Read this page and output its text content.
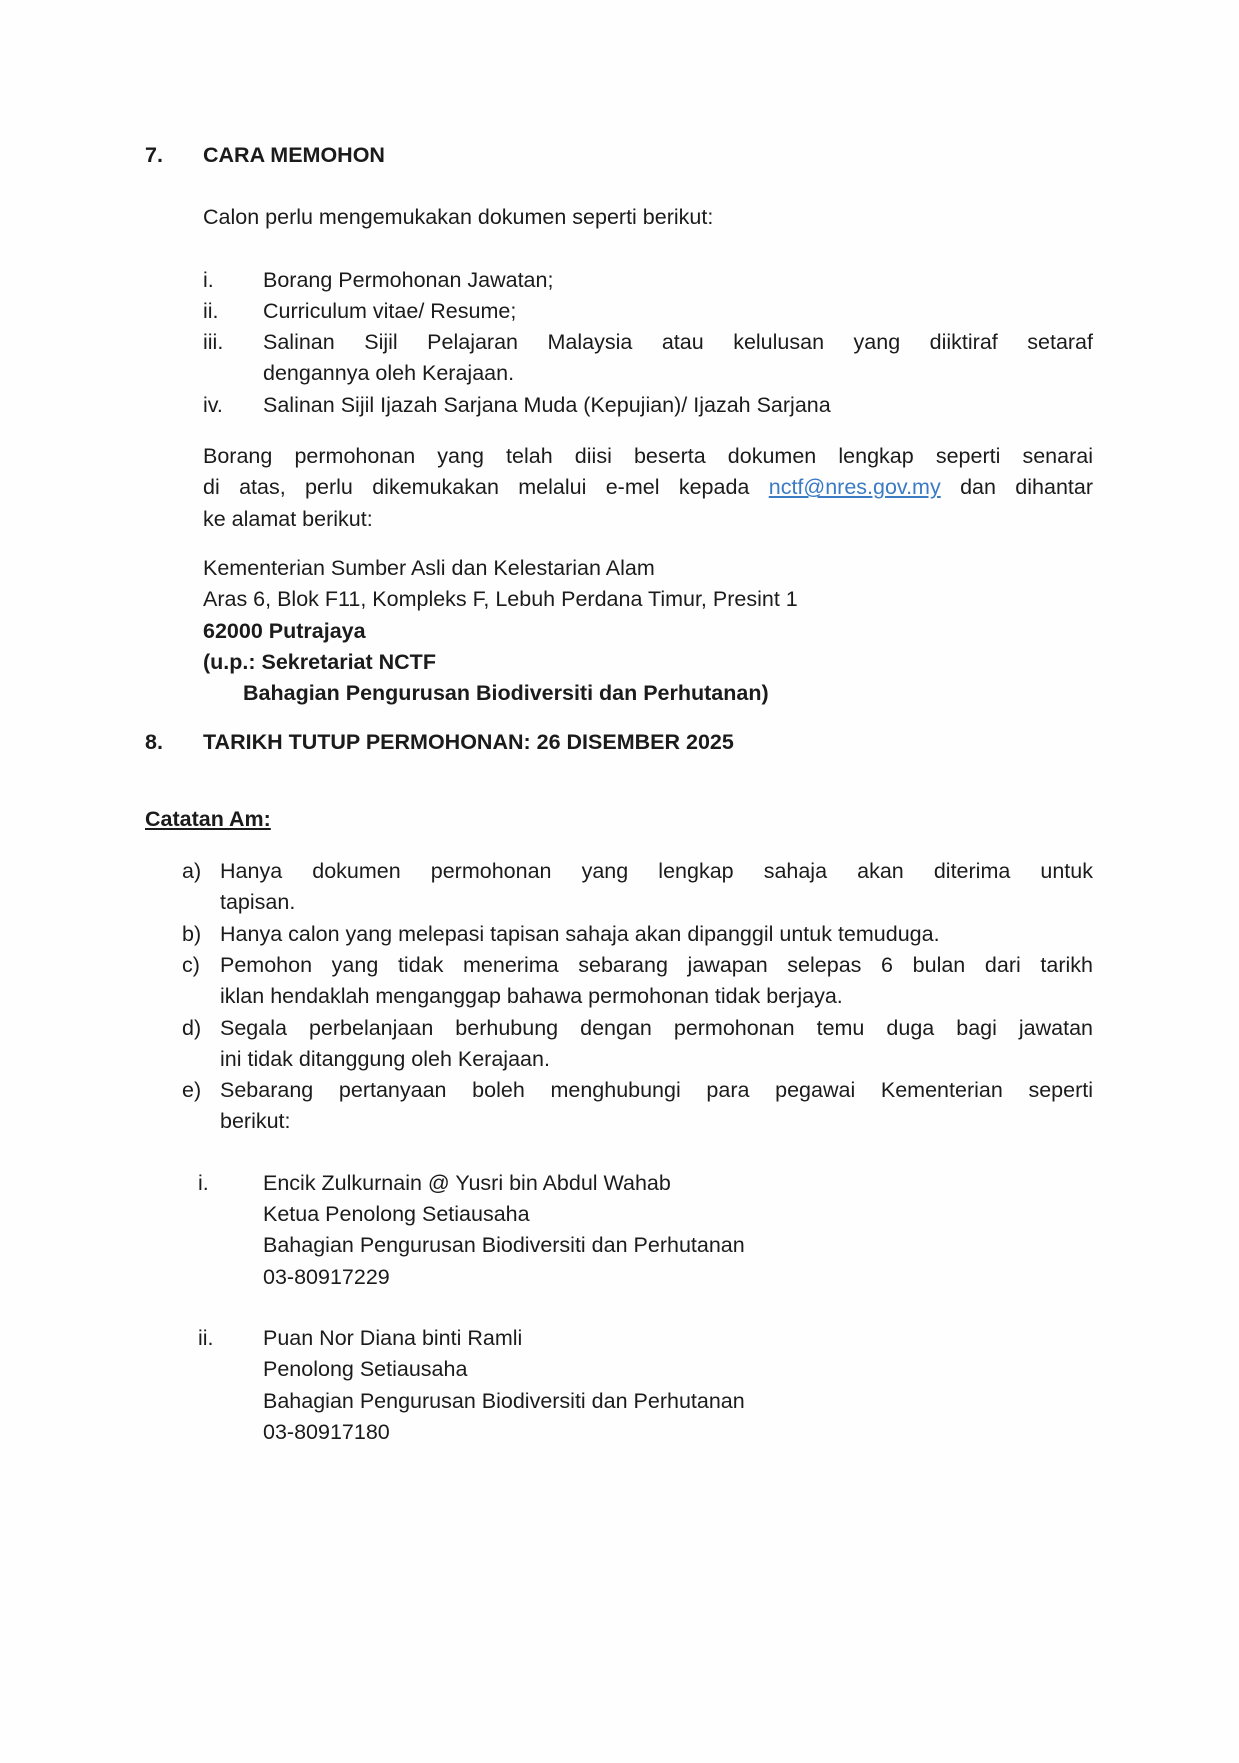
7.	CARA MEMOHON
Calon perlu mengemukakan dokumen seperti berikut:
i.	Borang Permohonan Jawatan;
ii.	Curriculum vitae/ Resume;
iii.	Salinan Sijil Pelajaran Malaysia atau kelulusan yang diiktiraf setaraf
dengannya oleh Kerajaan.
iv.	Salinan Sijil Ijazah Sarjana Muda (Kepujian)/ Ijazah Sarjana
Borang permohonan yang telah diisi beserta dokumen lengkap seperti senarai
di atas, perlu dikemukakan melalui e-mel kepada nctf@nres.gov.my dan dihantar
ke alamat berikut:
Kementerian Sumber Asli dan Kelestarian Alam
Aras 6, Blok F11, Kompleks F, Lebuh Perdana Timur, Presint 1
62000 Putrajaya
(u.p.: Sekretariat NCTF
Bahagian Pengurusan Biodiversiti dan Perhutanan)
8.	TARIKH TUTUP PERMOHONAN: 26 DISEMBER 2025
Catatan Am:
a) Hanya dokumen permohonan yang lengkap sahaja akan diterima untuk
tapisan.
b) Hanya calon yang melepasi tapisan sahaja akan dipanggil untuk temuduga.
c) Pemohon yang tidak menerima sebarang jawapan selepas 6 bulan dari tarikh
iklan hendaklah menganggap bahawa permohonan tidak berjaya.
d) Segala perbelanjaan berhubung dengan permohonan temu duga bagi jawatan
ini tidak ditanggung oleh Kerajaan.
e) Sebarang pertanyaan boleh menghubungi para pegawai Kementerian seperti
berikut:
i.	Encik Zulkurnain @ Yusri bin Abdul Wahab
Ketua Penolong Setiausaha
Bahagian Pengurusan Biodiversiti dan Perhutanan
03-80917229
ii.	Puan Nor Diana binti Ramli
Penolong Setiausaha
Bahagian Pengurusan Biodiversiti dan Perhutanan
03-80917180
